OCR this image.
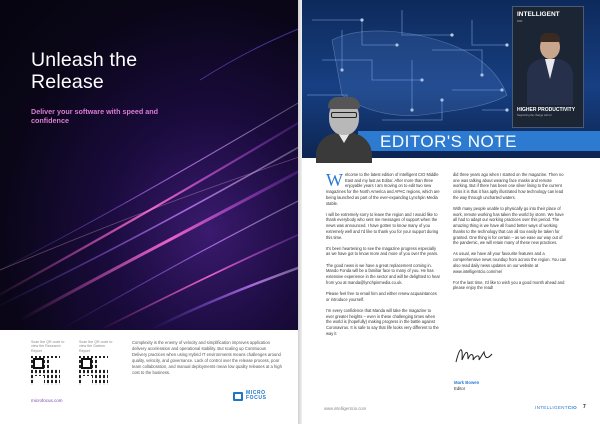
Unleash the
Release
Deliver your software with speed and confidence
Scan the QR code to view the Research Report
Scan the QR code to view the Gartner Report
Complexity is the enemy of velocity and simplification improves application delivery acceleration and operational stability. But scaling up Continuous Delivery practices when using Hybrid IT environments means challenges around quality, velocity, and governance. Lack of control over the release process, poor team collaboration, and manual deployments mean low quality releases at a high cost to the business.
microfocus.com
MICRO
FOCUS
INTELLIGENT
CIO
HIGHER PRODUCTIVITY
Supporting the change with AI
EDITOR'S NOTE

Welcome to the latest edition of Intelligent CIO Middle East and my last as Editor. After more than three enjoyable years I am moving on to edit two new magazines for the North America and APAC regions, which are being launched as part of the ever-expanding Lynchpin Media stable.

I will be extremely sorry to leave the region and I would like to thank everybody who sent me messages of support when the news was announced. I have gotten to know many of you extremely well and I'd like to thank you for your support during this time.

It's been heartening to see the magazine progress especially as we have got to know more and more of you over the years.

The good news is we have a great replacement coming in. Mando Fonda will be a familiar face to many of you. He has extensive experience in the sector and will be delighted to hear from you at manda@lynchpinmedia.co.uk.

Please feel free to email him and either renew acquaintances or introduce yourself.

I'm every confidence that Manda will take the magazine to ever greater heights – even in these challenging times when the world is (hopefully) making progress in the battle against Coronavirus. It is safe to say that life looks very different to the way it

did three years ago when I started on the magazine. Then no one was talking about wearing face masks and remote working. But if there has been one silver lining to the current crisis it is that it has aptly illustrated how technology can lead the way through uncharted waters.

With many people unable to physically go into their place of work, remote working has taken the world by storm. We have all had to adapt our working practices over this period. The amazing thing is we have all found better ways of working thanks to the technology that can all too easily be taken for granted. One thing is for certain – as we ease our way out of the pandemic, we will retain many of these new practices.

As usual, we have all your favourite features and a comprehensive news roundup from across the region. You can also read daily news updates on our website at www.intelligentcio.com/me/

For the last time, I'd like to wish you a good month ahead and please enjoy the read!

Mark Bowen
Editor
www.intelligentcio.com	INTELLIGENTCIO 7
